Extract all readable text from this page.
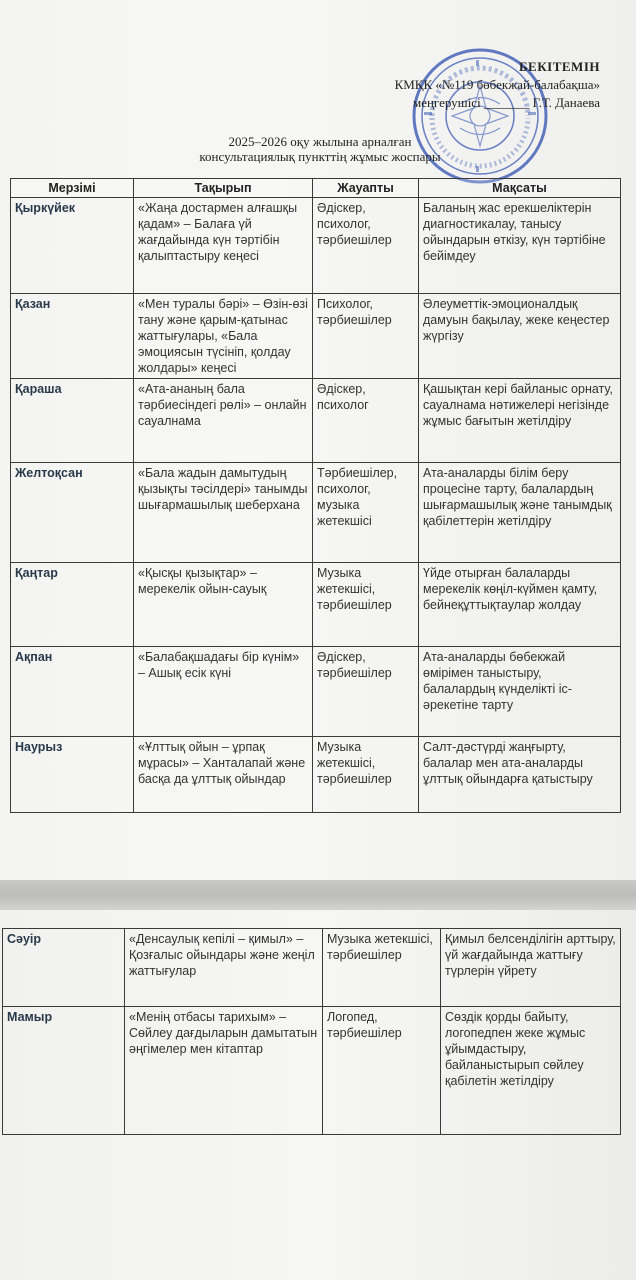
БЕКІТЕМІН
КМҚК «№119 бөбекжай-балабақша»
меңгерушісі _______ Г.Т. Данаева
2025–2026 оқу жылына арналған
консультациялық пункттің жұмыс жоспары
Мерзімі	Тақырып	Жауапты	Мақсаты
Қыркүйек	«Жаңа достармен алғашқы қадам» – Балаға үй жағдайында күн тәртібін қалыптастыру кеңесі	Әдіскер, психолог, тәрбиешілер	Баланың жас ерекшеліктерін диагностикалау, танысу ойындарын өткізу, күн тәртібіне бейімдеу
Қазан	«Мен туралы бәрі» – Өзін-өзі тану және қарым-қатынас жаттығулары, «Бала эмоциясын түсініп, қолдау жолдары» кеңесі	Психолог, тәрбиешілер	Әлеуметтік-эмоционалдық дамуын бақылау, жеке кеңестер жүргізу
Қараша	«Ата-ананың бала тәрбиесіндегі рөлі» – онлайн сауалнама	Әдіскер, психолог	Қашықтан кері байланыс орнату, сауалнама нәтижелері негізінде жұмыс бағытын жетілдіру
Желтоқсан	«Бала жадын дамытудың қызықты тәсілдері» танымды шығармашылық шеберхана	Тәрбиешілер, психолог, музыка жетекшісі	Ата-аналарды білім беру процесіне тарту, балалардың шығармашылық және танымдық қабілеттерін жетілдіру
Қаңтар	«Қысқы қызықтар» – мерекелік ойын-сауық	Музыка жетекшісі, тәрбиешілер	Үйде отырған балаларды мерекелік көңіл-күймен қамту, бейнеқұттықтаулар жолдау
Ақпан	«Балабақшадағы бір күнім» – Ашық есік күні	Әдіскер, тәрбиешілер	Ата-аналарды бөбекжай өмірімен таныстыру, балалардың күнделікті іс-әрекетіне тарту
Наурыз	«Ұлттық ойын – ұрпақ мұрасы» – Ханталапай және басқа да ұлттық ойындар	Музыка жетекшісі, тәрбиешілер	Салт-дәстүрді жаңғырту, балалар мен ата-аналарды ұлттық ойындарға қатыстыру
Сәуір	«Денсаулық кепілі – қимыл» – Қозғалыс ойындары және жеңіл жаттығулар	Музыка жетекшісі, тәрбиешілер	Қимыл белсенділігін арттыру, үй жағдайында жаттығу түрлерін үйрету
Мамыр	«Менің отбасы тарихым» – Сөйлеу дағдыларын дамытатын әңгімелер мен кітаптар	Логопед, тәрбиешілер	Сөздік қорды байыту, логопедпен жеке жұмыс ұйымдастыру, байланыстырып сөйлеу қабілетін жетілдіру
